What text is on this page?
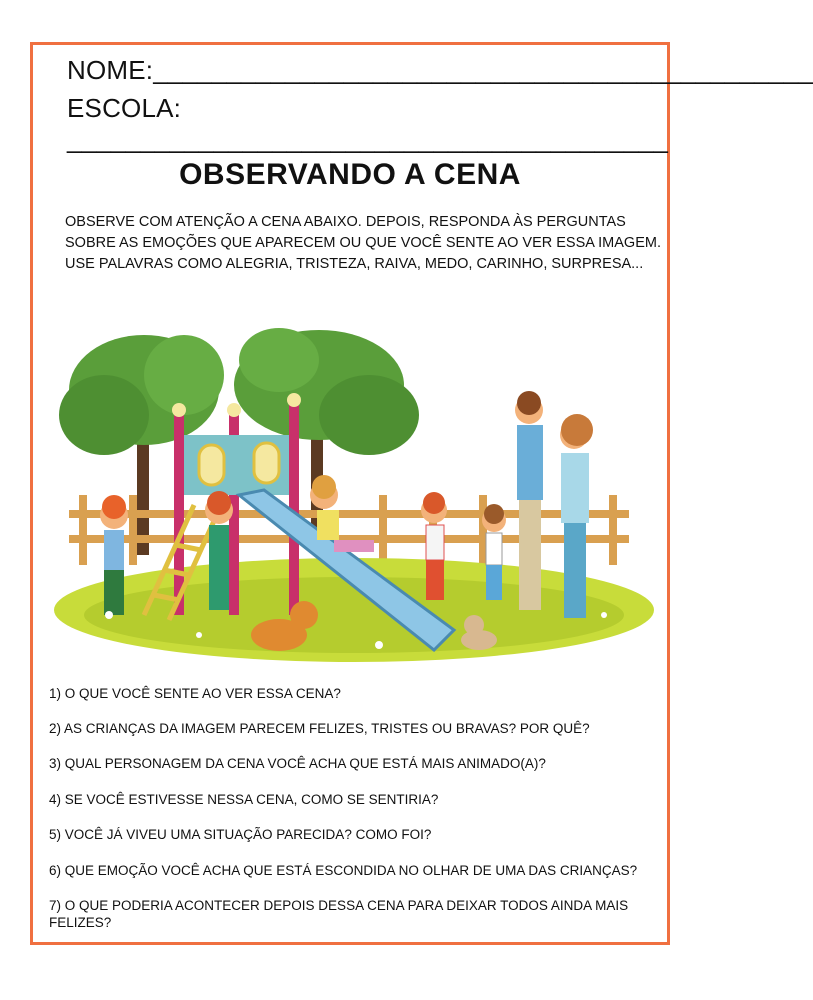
NOME:_____________________________________________
ESCOLA: _________________________________________
OBSERVANDO A CENA

OBSERVE COM ATENÇÃO A CENA ABAIXO. DEPOIS, RESPONDA ÀS PERGUNTAS

SOBRE AS EMOÇÕES QUE APARECEM OU QUE VOCÊ SENTE AO VER ESSA IMAGEM.

USE PALAVRAS COMO ALEGRIA, TRISTEZA, RAIVA, MEDO, CARINHO, SURPRESA...

1) O QUE VOCÊ SENTE AO VER ESSA CENA?
2) AS CRIANÇAS DA IMAGEM PARECEM FELIZES, TRISTES OU BRAVAS? POR QUÊ?
3) QUAL PERSONAGEM DA CENA VOCÊ ACHA QUE ESTÁ MAIS ANIMADO(A)?
4) SE VOCÊ ESTIVESSE NESSA CENA, COMO SE SENTIRIA?
5) VOCÊ JÁ VIVEU UMA SITUAÇÃO PARECIDA? COMO FOI?
6) QUE EMOÇÃO VOCÊ ACHA QUE ESTÁ ESCONDIDA NO OLHAR DE UMA DAS CRIANÇAS?
7) O QUE PODERIA ACONTECER DEPOIS DESSA CENA PARA DEIXAR TODOS AINDA MAIS FELIZES?
